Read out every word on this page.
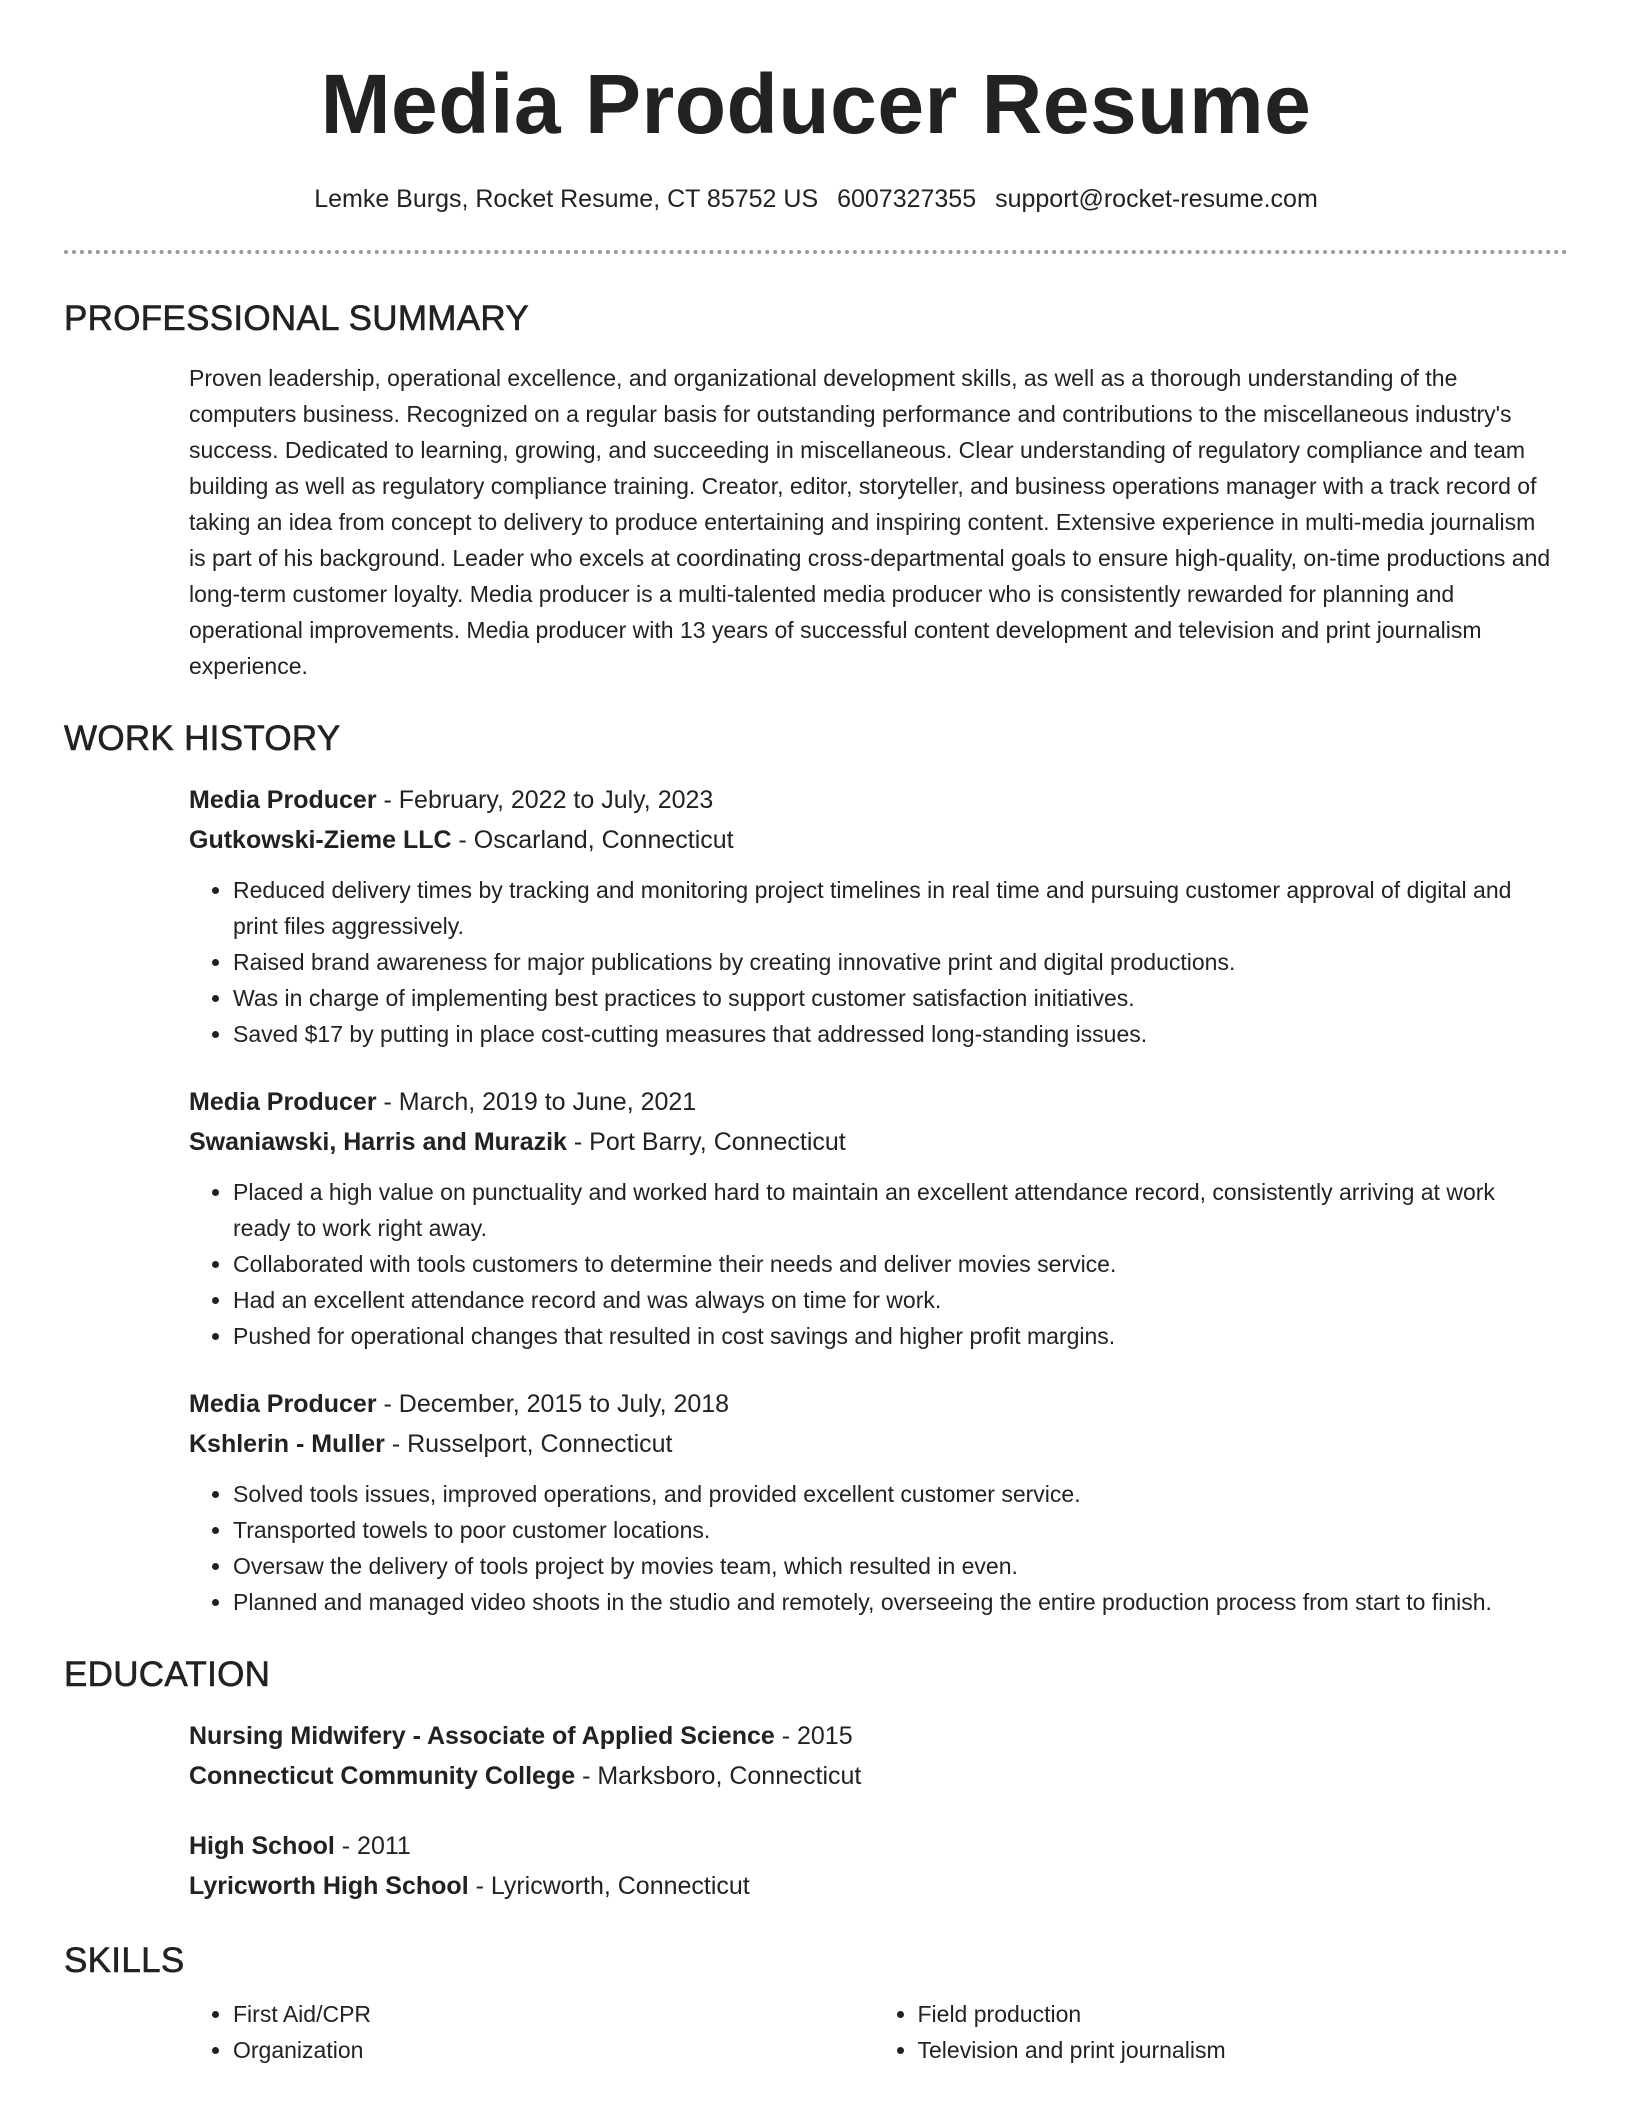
Media Producer Resume
Lemke Burgs, Rocket Resume, CT 85752 US 6007327355 support@rocket-resume.com
PROFESSIONAL SUMMARY

Proven leadership, operational excellence, and organizational development skills, as well as a thorough understanding of the computers business. Recognized on a regular basis for outstanding performance and contributions to the miscellaneous industry's success. Dedicated to learning, growing, and succeeding in miscellaneous. Clear understanding of regulatory compliance and team building as well as regulatory compliance training. Creator, editor, storyteller, and business operations manager with a track record of taking an idea from concept to delivery to produce entertaining and inspiring content. Extensive experience in multi-media journalism is part of his background. Leader who excels at coordinating cross-departmental goals to ensure high-quality, on-time productions and long-term customer loyalty. Media producer is a multi-talented media producer who is consistently rewarded for planning and operational improvements. Media producer with 13 years of successful content development and television and print journalism experience.

WORK HISTORY
Media Producer - February, 2022 to July, 2023
Gutkowski-Zieme LLC - Oscarland, Connecticut
• Reduced delivery times by tracking and monitoring project timelines in real time and pursuing customer approval of digital and print files aggressively.
• Raised brand awareness for major publications by creating innovative print and digital productions.
• Was in charge of implementing best practices to support customer satisfaction initiatives.
• Saved $17 by putting in place cost-cutting measures that addressed long-standing issues.
Media Producer - March, 2019 to June, 2021
Swaniawski, Harris and Murazik - Port Barry, Connecticut
• Placed a high value on punctuality and worked hard to maintain an excellent attendance record, consistently arriving at work ready to work right away.
• Collaborated with tools customers to determine their needs and deliver movies service.
• Had an excellent attendance record and was always on time for work.
• Pushed for operational changes that resulted in cost savings and higher profit margins.
Media Producer - December, 2015 to July, 2018
Kshlerin - Muller - Russelport, Connecticut
• Solved tools issues, improved operations, and provided excellent customer service.
• Transported towels to poor customer locations.
• Oversaw the delivery of tools project by movies team, which resulted in even.
• Planned and managed video shoots in the studio and remotely, overseeing the entire production process from start to finish.
EDUCATION
Nursing Midwifery - Associate of Applied Science - 2015
Connecticut Community College - Marksboro, Connecticut
High School - 2011
Lyricworth High School - Lyricworth, Connecticut
SKILLS
• First Aid/CPR
• Organization
• Field production
• Television and print journalism
